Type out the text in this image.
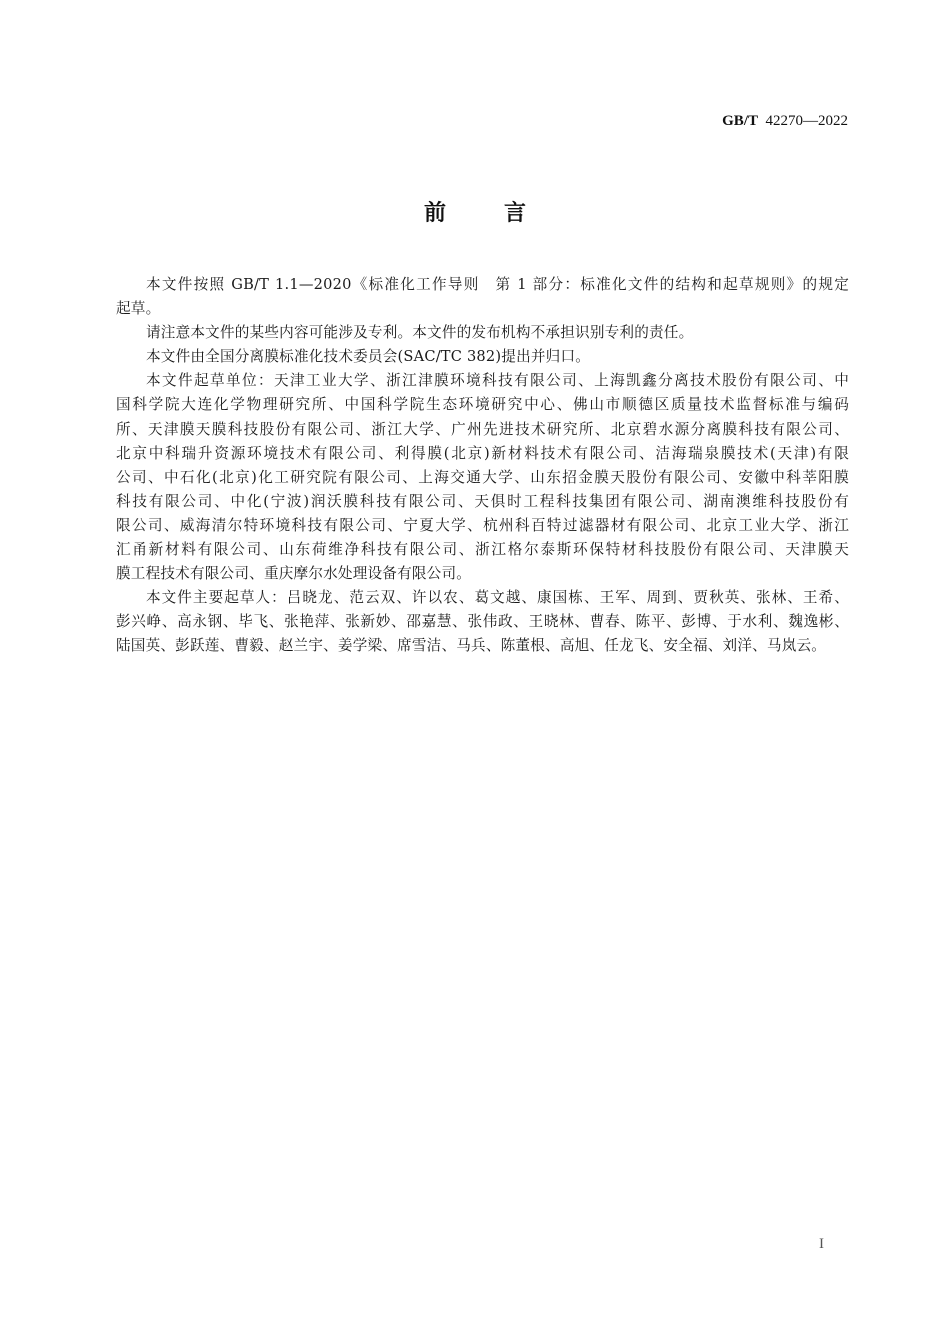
GB/T 42270—2022
前言
本文件按照 GB/T 1.1—2020《标准化工作导则　第 1 部分：标准化文件的结构和起草规则》的规定
起草。
请注意本文件的某些内容可能涉及专利。本文件的发布机构不承担识别专利的责任。
本文件由全国分离膜标准化技术委员会(SAC/TC 382)提出并归口。
本文件起草单位：天津工业大学、浙江津膜环境科技有限公司、上海凯鑫分离技术股份有限公司、中
国科学院大连化学物理研究所、中国科学院生态环境研究中心、佛山市顺德区质量技术监督标准与编码
所、天津膜天膜科技股份有限公司、浙江大学、广州先进技术研究所、北京碧水源分离膜科技有限公司、
北京中科瑞升资源环境技术有限公司、利得膜(北京)新材料技术有限公司、洁海瑞泉膜技术(天津)有限
公司、中石化(北京)化工研究院有限公司、上海交通大学、山东招金膜天股份有限公司、安徽中科莘阳膜
科技有限公司、中化(宁波)润沃膜科技有限公司、天俱时工程科技集团有限公司、湖南澳维科技股份有
限公司、威海清尔特环境科技有限公司、宁夏大学、杭州科百特过滤器材有限公司、北京工业大学、浙江
汇甬新材料有限公司、山东荷维净科技有限公司、浙江格尔泰斯环保特材科技股份有限公司、天津膜天
膜工程技术有限公司、重庆摩尔水处理设备有限公司。
本文件主要起草人：吕晓龙、范云双、许以农、葛文越、康国栋、王军、周到、贾秋英、张林、王希、
彭兴峥、高永钢、毕飞、张艳萍、张新妙、邵嘉慧、张伟政、王晓林、曹春、陈平、彭博、于水利、魏逸彬、
陆国英、彭跃莲、曹毅、赵兰宇、姜学梁、席雪洁、马兵、陈董根、高旭、任龙飞、安全福、刘洋、马岚云。
I
